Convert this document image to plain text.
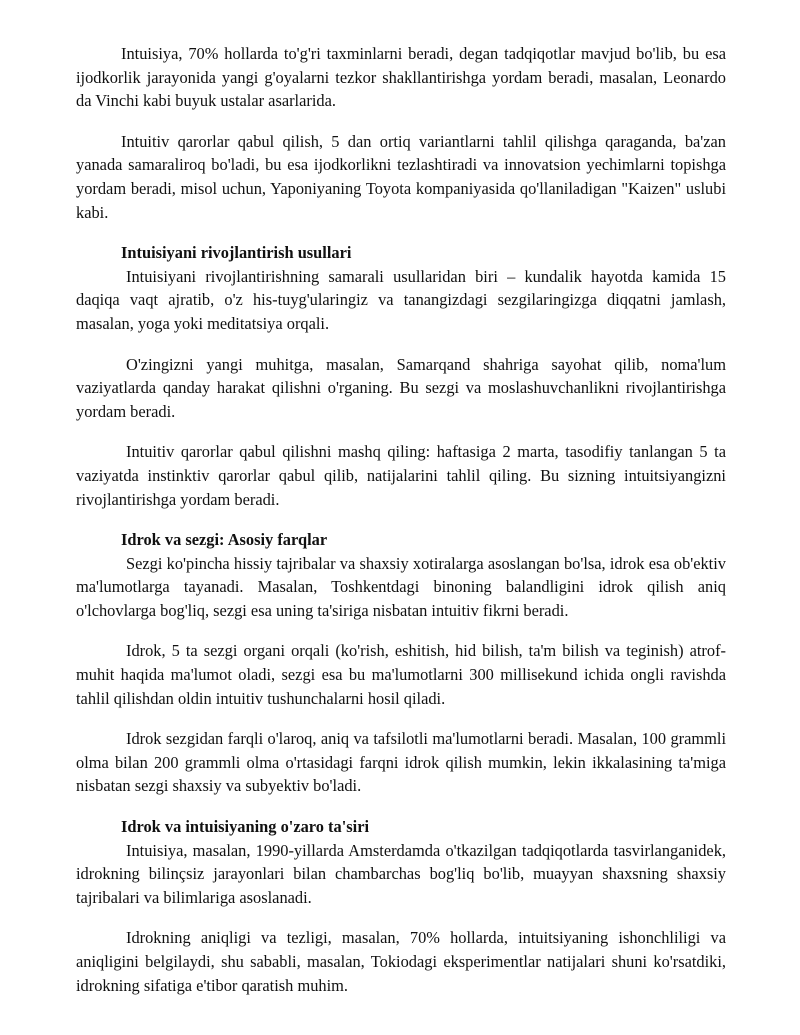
Intuisiya, 70% hollarda to'g'ri taxminlarni beradi, degan tadqiqotlar mavjud bo'lib, bu esa ijodkorlik jarayonida yangi g'oyalarni tezkor shakllantirishga yordam beradi, masalan, Leonardo da Vinchi kabi buyuk ustalar asarlarida.

Intuitiv qarorlar qabul qilish, 5 dan ortiq variantlarni tahlil qilishga qaraganda, ba'zan yanada samaraliroq bo'ladi, bu esa ijodkorlikni tezlashtiradi va innovatsion yechimlarni topishga yordam beradi, misol uchun, Yaponiyaning Toyota kompaniyasida qo'llaniladigan "Kaizen" uslubi kabi.

Intuisiyani rivojlantirish usullari

Intuisiyani rivojlantirishning samarali usullaridan biri – kundalik hayotda kamida 15 daqiqa vaqt ajratib, o'z his-tuyg'ularingiz va tanangizdagi sezgilaringizga diqqatni jamlash, masalan, yoga yoki meditatsiya orqali.

O'zingizni yangi muhitga, masalan, Samarqand shahriga sayohat qilib, noma'lum vaziyatlarda qanday harakat qilishni o'rganing. Bu sezgi va moslashuvchanlikni rivojlantirishga yordam beradi.

Intuitiv qarorlar qabul qilishni mashq qiling: haftasiga 2 marta, tasodifiy tanlangan 5 ta vaziyatda instinktiv qarorlar qabul qilib, natijalarini tahlil qiling. Bu sizning intuitsiyangizni rivojlantirishga yordam beradi.

Idrok va sezgi: Asosiy farqlar

Sezgi ko'pincha hissiy tajribalar va shaxsiy xotiralarga asoslangan bo'lsa, idrok esa ob'ektiv ma'lumotlarga tayanadi. Masalan, Toshkentdagi binoning balandligini idrok qilish aniq o'lchovlarga bog'liq, sezgi esa uning ta'siriga nisbatan intuitiv fikrni beradi.

Idrok, 5 ta sezgi organi orqali (ko'rish, eshitish, hid bilish, ta'm bilish va teginish) atrof-muhit haqida ma'lumot oladi, sezgi esa bu ma'lumotlarni 300 millisekund ichida ongli ravishda tahlil qilishdan oldin intuitiv tushunchalarni hosil qiladi.

Idrok sezgidan farqli o'laroq, aniq va tafsilotli ma'lumotlarni beradi. Masalan, 100 grammli olma bilan 200 grammli olma o'rtasidagi farqni idrok qilish mumkin, lekin ikkalasining ta'miga nisbatan sezgi shaxsiy va subyektiv bo'ladi.

Idrok va intuisiyaning o'zaro ta'siri

Intuisiya, masalan, 1990-yillarda Amsterdamda o'tkazilgan tadqiqotlarda tasvirlanganidek, idrokning bilinçsiz jarayonlari bilan chambarchas bog'liq bo'lib, muayyan shaxsning shaxsiy tajribalari va bilimlariga asoslanadi.

Idrokning aniqligi va tezligi, masalan, 70% hollarda, intuitsiyaning ishonchliligi va aniqligini belgilaydi, shu sababli, masalan, Tokiodagi eksperimentlar natijalari shuni ko'rsatdiki, idrokning sifatiga e'tibor qaratish muhim.
